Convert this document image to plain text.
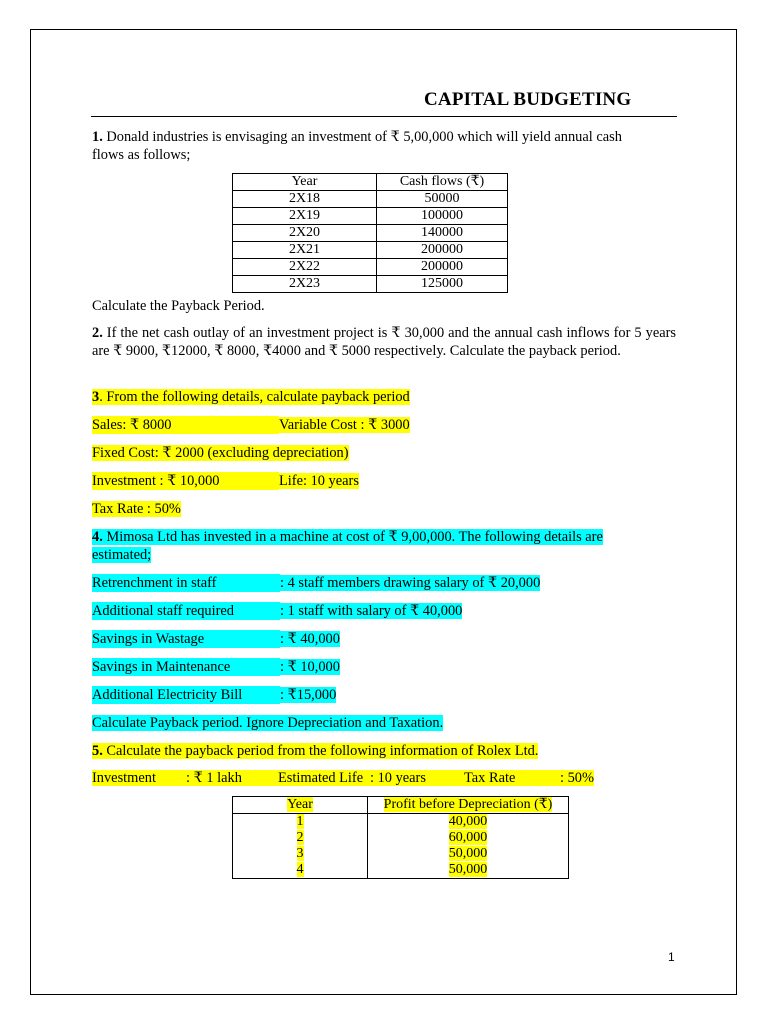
CAPITAL BUDGETING
1. Donald industries is envisaging an investment of ₹ 5,00,000 which will yield annual cash
flows as follows;
Year	Cash flows (₹)
2X18	50000
2X19	100000
2X20	140000
2X21	200000
2X22	200000
2X23	125000
Calculate the Payback Period.
2. If the net cash outlay of an investment project is ₹ 30,000 and the annual cash inflows for 5 years are ₹ 9000, ₹12000, ₹ 8000, ₹4000 and ₹ 5000 respectively. Calculate the payback period.
3. From the following details, calculate payback period
Sales: ₹ 8000	Variable Cost : ₹ 3000
Fixed Cost: ₹ 2000 (excluding depreciation)
Investment : ₹ 10,000	Life: 10 years
Tax Rate : 50%
4. Mimosa Ltd has invested in a machine at cost of ₹ 9,00,000. The following details are
estimated;
Retrenchment in staff	: 4 staff members drawing salary of ₹ 20,000
Additional staff required	: 1 staff with salary of ₹ 40,000
Savings in Wastage	: ₹ 40,000
Savings in Maintenance	: ₹ 10,000
Additional Electricity Bill	: ₹15,000
Calculate Payback period. Ignore Depreciation and Taxation.
5. Calculate the payback period from the following information of Rolex Ltd.
Investment : ₹ 1 lakh	Estimated Life : 10 years	Tax Rate	: 50%
Year	Profit before Depreciation (₹)
1	40,000
2	60,000
3	50,000
4	50,000
1
